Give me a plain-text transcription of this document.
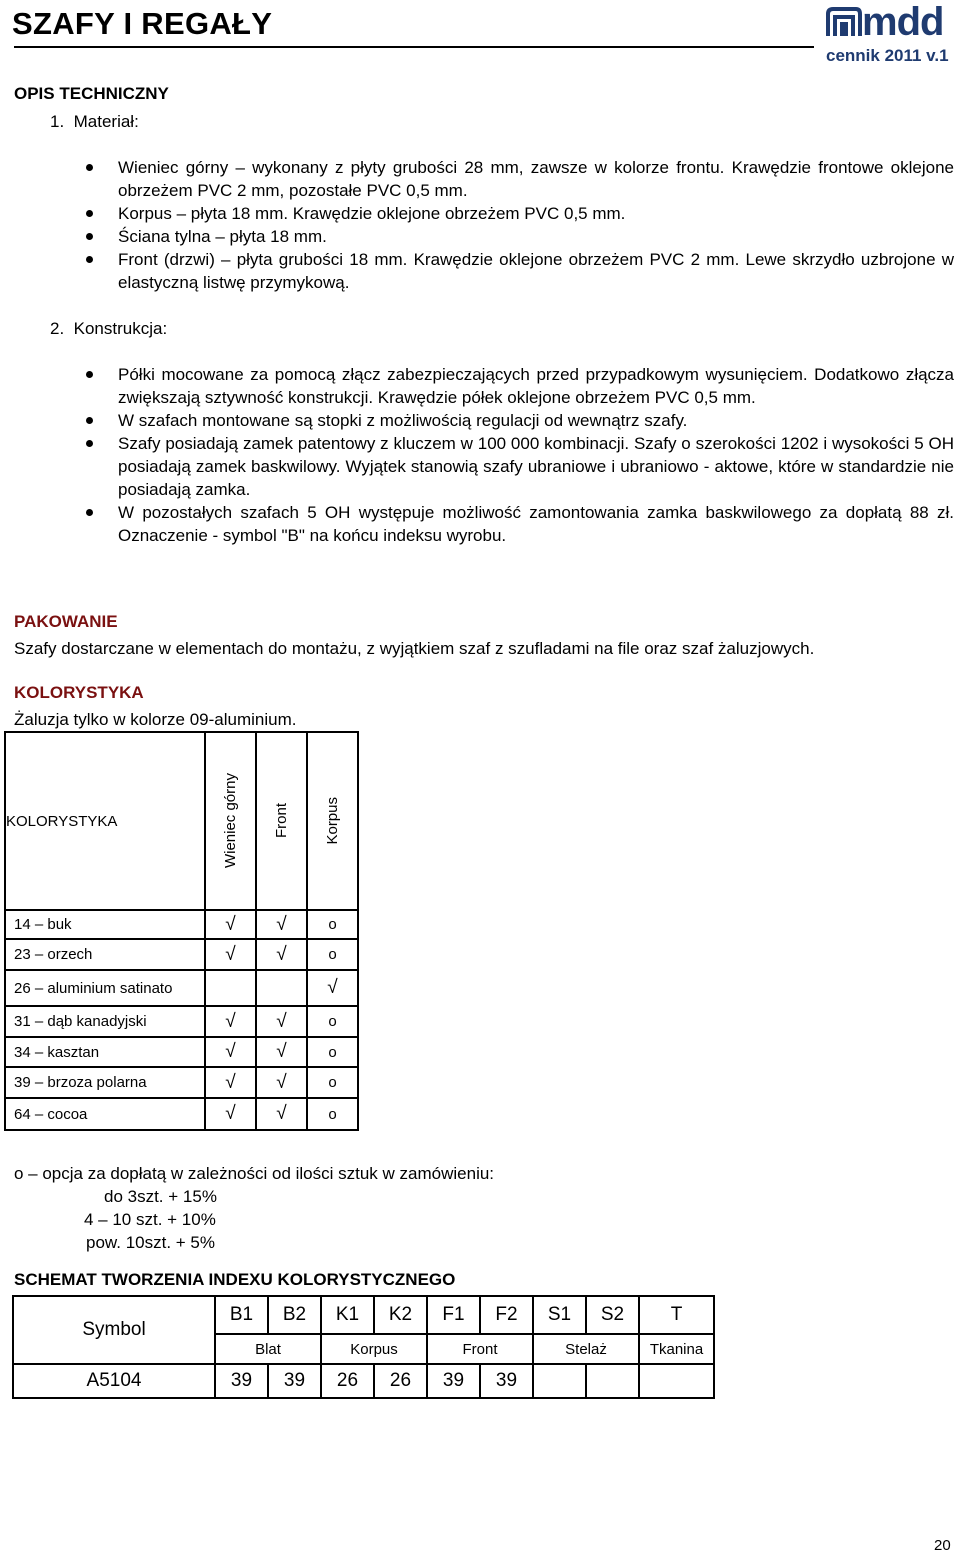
SZAFY I REGAŁY	mdd
cennik 2011 v.1
OPIS TECHNICZNY
1.  Materiał:
Wieniec górny – wykonany z płyty grubości 28 mm, zawsze w kolorze frontu. Krawędzie frontowe oklejone obrzeżem PVC 2 mm, pozostałe PVC 0,5 mm.
Korpus – płyta 18 mm. Krawędzie oklejone obrzeżem PVC 0,5 mm.
Ściana tylna – płyta 18 mm.
Front (drzwi) – płyta grubości 18 mm. Krawędzie oklejone obrzeżem PVC 2 mm. Lewe skrzydło uzbrojone w elastyczną listwę przymykową.
2.  Konstrukcja:
Półki mocowane za pomocą złącz zabezpieczających przed przypadkowym wysunięciem. Dodatkowo złącza zwiększają sztywność konstrukcji. Krawędzie półek oklejone obrzeżem PVC 0,5 mm.
W szafach montowane są stopki z możliwością regulacji od wewnątrz szafy.
Szafy posiadają zamek patentowy z kluczem w 100 000 kombinacji. Szafy o szerokości 1202 i wysokości 5 OH posiadają zamek baskwilowy. Wyjątek stanowią szafy ubraniowe i ubraniowo - aktowe, które w standardzie nie posiadają zamka.
W pozostałych szafach 5 OH występuje możliwość zamontowania zamka baskwilowego za dopłatą 88 zł. Oznaczenie - symbol "B" na końcu indeksu wyrobu.
PAKOWANIE
Szafy dostarczane w elementach do montażu, z wyjątkiem szaf z szufladami na file oraz szaf żaluzjowych.
KOLORYSTYKA
Żaluzja tylko w kolorze 09-aluminium.
KOLORYSTYKA	Wieniec górny	Front	Korpus

14 – buk	√	√	o
23 – orzech	√	√	o
26 – aluminium satinato			√
31 – dąb kanadyjski	√	√	o
34 – kasztan	√	√	o
39 – brzoza polarna	√	√	o
64 – cocoa	√	√	o
o – opcja za dopłatą w zależności od ilości sztuk w zamówieniu:
do 3szt. + 15%
4 – 10 szt. + 10%
pow. 10szt. + 5%
SCHEMAT TWORZENIA INDEXU KOLORYSTYCZNEGO
Symbol	B1	B2	K1	K2	F1	F2	S1	S2	T
	Blat		Korpus		Front		Stelaż		Tkanina
A5104	39	39	26	26	39	39			
20
